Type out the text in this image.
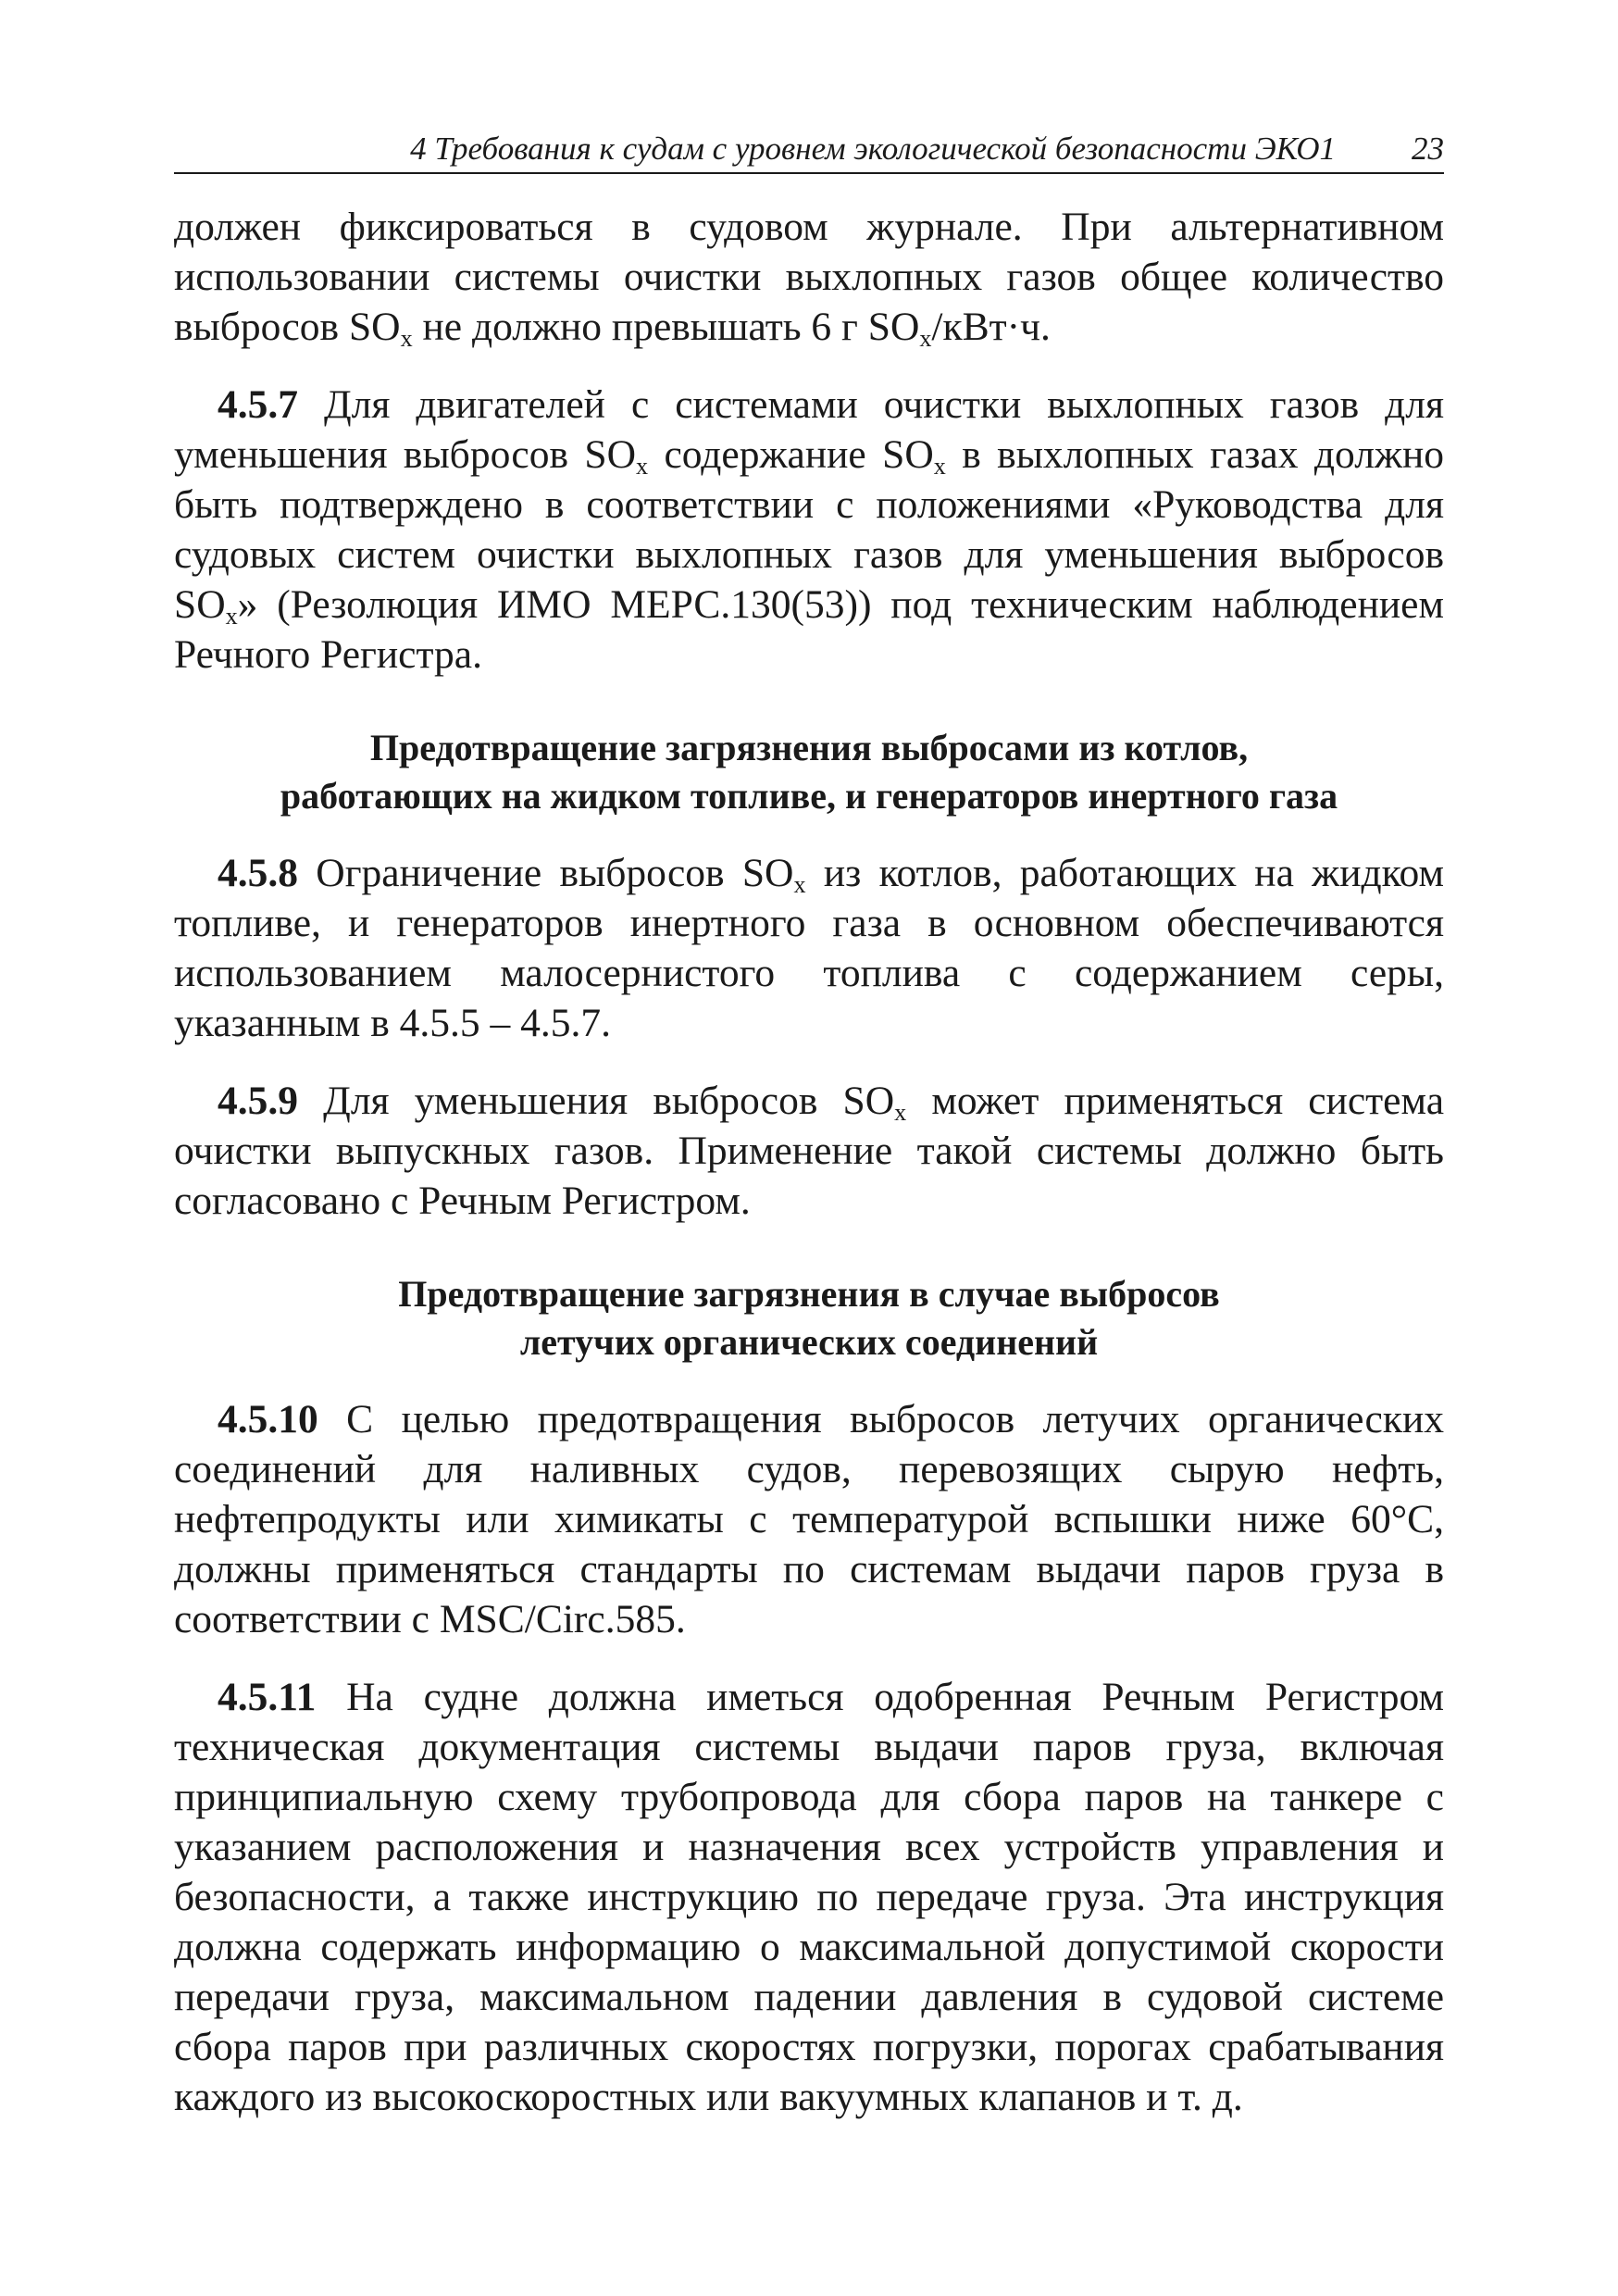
4 Требования к судам с уровнем экологической безопасности ЭКО1 23

должен фиксироваться в судовом журнале. При альтернативном использовании системы очистки выхлопных газов общее количество выбросов $SO_x$ не должно превышать 6 г $SO_x/кВт\cdot ч$.

4.5.7 Для двигателей с системами очистки выхлопных газов для уменьшения выбросов $SO_x$ содержание $SO_x$ в выхлопных газах должно быть подтверждено в соответствии с положениями «Руководства для судовых систем очистки выхлопных газов для уменьшения выбросов $SO_x$» (Резолюция ИМО МЕРС.130(53)) под техническим наблюдением Речного Регистра.

Предотвращение загрязнения выбросами из котлов,
работающих на жидком топливе, и генераторов инертного газа

4.5.8 Ограничение выбросов $SO_x$ из котлов, работающих на жидком топливе, и генераторов инертного газа в основном обеспечиваются использованием малосернистого топлива с содержанием серы, указанным в 4.5.5 – 4.5.7.

4.5.9 Для уменьшения выбросов $SO_x$ может применяться система очистки выпускных газов. Применение такой системы должно быть согласовано с Речным Регистром.

Предотвращение загрязнения в случае выбросов
летучих органических соединений

4.5.10 С целью предотвращения выбросов летучих органических соединений для наливных судов, перевозящих сырую нефть, нефтепродукты или химикаты с температурой вспышки ниже 60°С, должны применяться стандарты по системам выдачи паров груза в соответствии с MSC/Circ.585.

4.5.11 На судне должна иметься одобренная Речным Регистром техническая документация системы выдачи паров груза, включая принципиальную схему трубопровода для сбора паров на танкере с указанием расположения и назначения всех устройств управления и безопасности, а также инструкцию по передаче груза. Эта инструкция должна содержать информацию о максимальной допустимой скорости передачи груза, максимальном падении давления в судовой системе сбора паров при различных скоростях погрузки, порогах срабатывания каждого из высокоскоростных или вакуумных клапанов и т. д.
